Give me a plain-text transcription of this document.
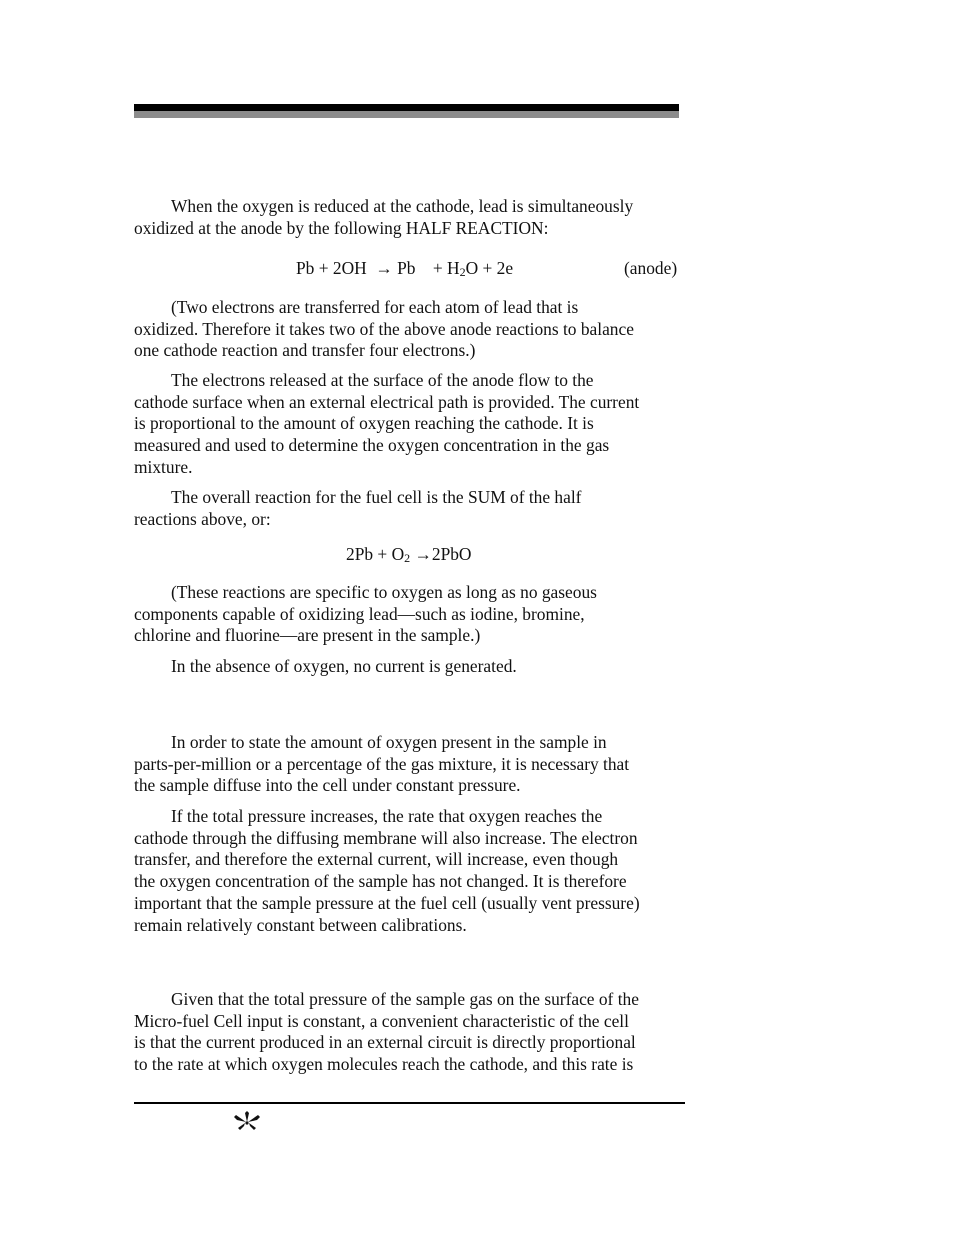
When the oxygen is reduced at the cathode, lead is simultaneously
oxidized at the anode by the following HALF REACTION:

$Pb + 2OH \to Pb + H_2O + 2e$	(anode)

(Two electrons are transferred for each atom of lead that is
oxidized. Therefore it takes two of the above anode reactions to balance
one cathode reaction and transfer four electrons.)

The electrons released at the surface of the anode flow to the
cathode surface when an external electrical path is provided. The current
is proportional to the amount of oxygen reaching the cathode. It is
measured and used to determine the oxygen concentration in the gas
mixture.

The overall reaction for the fuel cell is the SUM of the half
reactions above, or:

$2Pb + O_2 \to 2PbO$

(These reactions are specific to oxygen as long as no gaseous
components capable of oxidizing lead—such as iodine, bromine,
chlorine and fluorine—are present in the sample.)

In the absence of oxygen, no current is generated.

In order to state the amount of oxygen present in the sample in
parts-per-million or a percentage of the gas mixture, it is necessary that
the sample diffuse into the cell under constant pressure.

If the total pressure increases, the rate that oxygen reaches the
cathode through the diffusing membrane will also increase. The electron
transfer, and therefore the external current, will increase, even though
the oxygen concentration of the sample has not changed. It is therefore
important that the sample pressure at the fuel cell (usually vent pressure)
remain relatively constant between calibrations.

Given that the total pressure of the sample gas on the surface of the
Micro-fuel Cell input is constant, a convenient characteristic of the cell
is that the current produced in an external circuit is directly proportional
to the rate at which oxygen molecules reach the cathode, and this rate is
